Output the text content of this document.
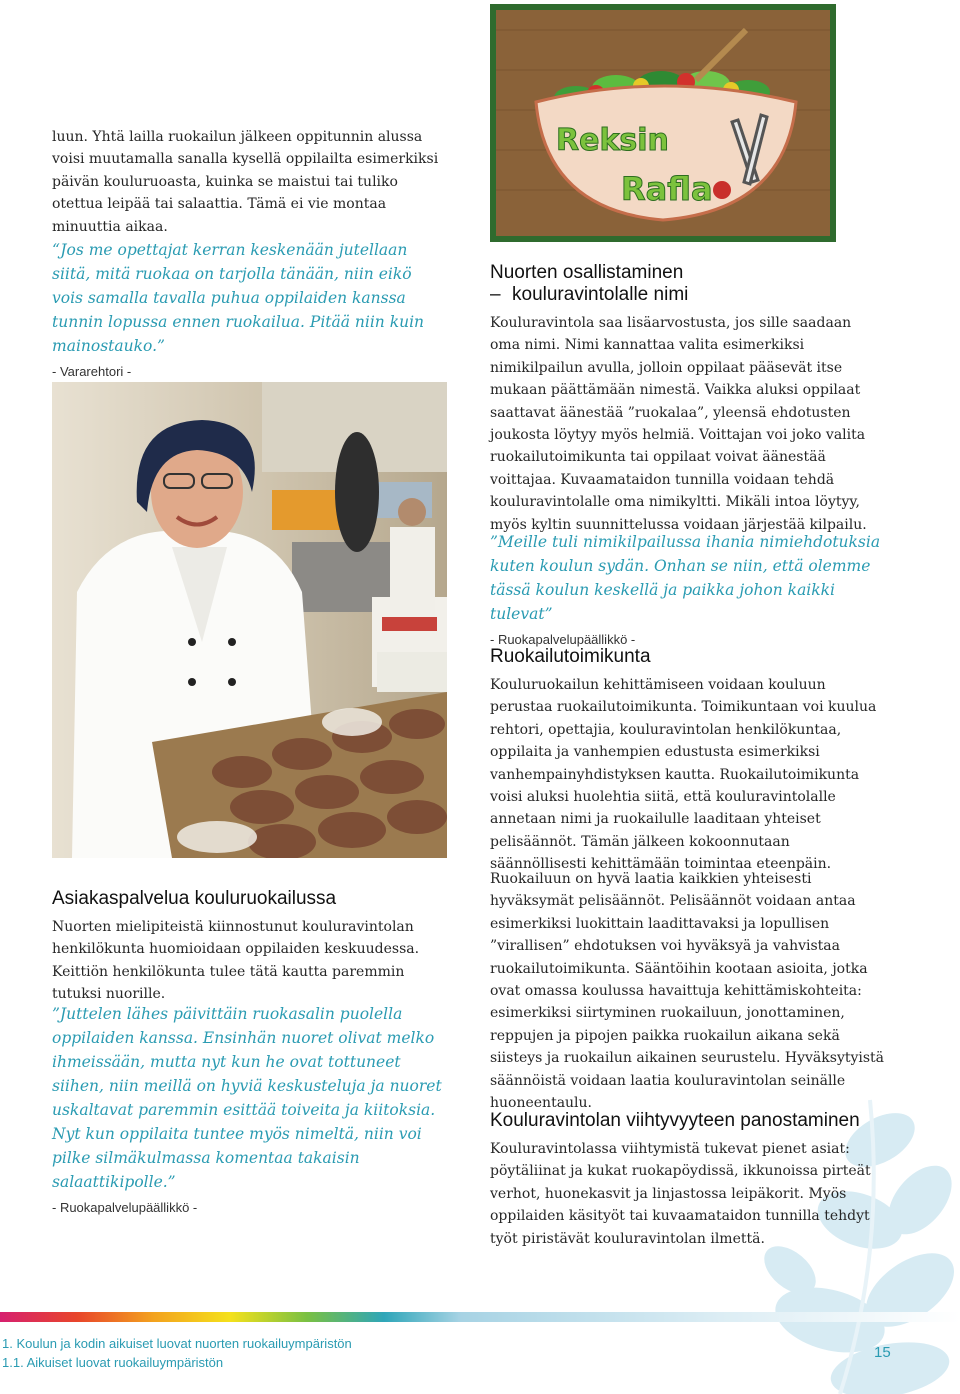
luun. Yhtä lailla ruokailun jälkeen oppitunnin alussa voisi muutamalla sanalla kysellä oppilailta esimerkiksi päivän kouluruoasta, kuinka se maistui tai tuliko otettua leipää tai salaattia. Tämä ei vie montaa minuuttia aikaa.
“Jos me opettajat kerran keskenään jutellaan siitä, mitä ruokaa on tarjolla tänään, niin eikö vois samalla tavalla puhua oppilaiden kanssa tunnin lopussa ennen ruokailua. Pitää niin kuin mainostauko.”
- Vararehtori -
Asiakaspalvelua kouluruokailussa
Nuorten mielipiteistä kiinnostunut kouluravintolan henkilökunta huomioidaan oppilaiden keskuudessa. Keittiön henkilökunta tulee tätä kautta paremmin tutuksi nuorille.
”Juttelen lähes päivittäin ruokasalin puolella oppilaiden kanssa. Ensinhän nuoret olivat melko ihmeissään, mutta nyt kun he ovat tottuneet siihen, niin meillä on hyviä keskusteluja ja nuoret uskaltavat paremmin esittää toiveita ja kiitoksia. Nyt kun oppilaita tuntee myös nimeltä, niin voi pilke silmäkulmassa komentaa takaisin salaattikipolle.”
- Ruokapalvelupäällikkö -
Reksin
Rafla
Nuorten osallistaminen
– kouluravintolalle nimi
Kouluravintola saa lisäarvostusta, jos sille saadaan oma nimi. Nimi kannattaa valita esimerkiksi nimikilpailun avulla, jolloin oppilaat pääsevät itse mukaan päättämään nimestä. Vaikka aluksi oppilaat saattavat äänestää ”ruokalaa”, yleensä ehdotusten joukosta löytyy myös helmiä. Voittajan voi joko valita ruokailutoimikunta tai oppilaat voivat äänestää voittajaa. Kuvaamataidon tunnilla voidaan tehdä kouluravintolalle oma nimikyltti. Mikäli intoa löytyy, myös kyltin suunnittelussa voidaan järjestää kilpailu.
”Meille tuli nimikilpailussa ihania nimiehdotuksia kuten koulun sydän. Onhan se niin, että olemme tässä koulun keskellä ja paikka johon kaikki tulevat”
- Ruokapalvelupäällikkö -
Ruokailutoimikunta
Kouluruokailun kehittämiseen voidaan kouluun perustaa ruokailutoimikunta. Toimikuntaan voi kuulua rehtori, opettajia, kouluravintolan henkilökuntaa, oppilaita ja vanhempien edustusta esimerkiksi vanhempainyhdistyksen kautta. Ruokailutoimikunta voisi aluksi huolehtia siitä, että kouluravintolalle annetaan nimi ja ruokailulle laaditaan yhteiset pelisäännöt. Tämän jälkeen kokoonnutaan säännöllisesti kehittämään toimintaa eteenpäin.
Ruokailuun on hyvä laatia kaikkien yhteisesti hyväksymät pelisäännöt. Pelisäännöt voidaan antaa esimerkiksi luokittain laadittavaksi ja lopullisen ”virallisen” ehdotuksen voi hyväksyä ja vahvistaa ruokailutoimikunta. Sääntöihin kootaan asioita, jotka ovat omassa koulussa havaittuja kehittämiskohteita: esimerkiksi siirtyminen ruokailuun, jonottaminen, reppujen ja pipojen paikka ruokailun aikana sekä siisteys ja ruokailun aikainen seurustelu. Hyväksytyistä säännöistä voidaan laatia kouluravintolan seinälle huoneentaulu.
Kouluravintolan viihtyvyyteen panostaminen
Kouluravintolassa viihtymistä tukevat pienet asiat: pöytäliinat ja kukat ruokapöydissä, ikkunoissa pirteät verhot, huonekasvit ja linjastossa leipäkorit. Myös oppilaiden käsityöt tai kuvaamataidon tunnilla tehdyt työt piristävät kouluravintolan ilmettä.
1. Koulun ja kodin aikuiset luovat nuorten ruokailuympäristön
1.1. Aikuiset luovat ruokailuympäristön
15
